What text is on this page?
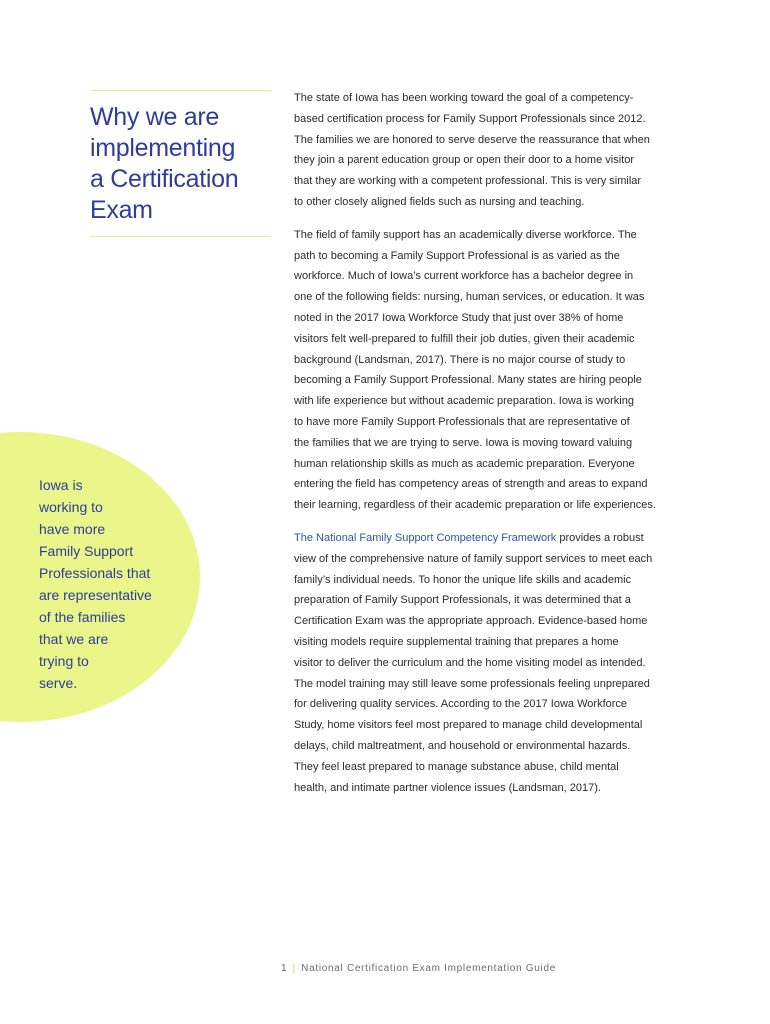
Why we are
implementing
a Certification
Exam

Iowa is
working to
have more
Family Support
Professionals that
are representative
of the families
that we are
trying to
serve.

The state of Iowa has been working toward the goal of a competency-
based certification process for Family Support Professionals since 2012.
The families we are honored to serve deserve the reassurance that when
they join a parent education group or open their door to a home visitor
that they are working with a competent professional. This is very similar
to other closely aligned fields such as nursing and teaching.

The field of family support has an academically diverse workforce. The
path to becoming a Family Support Professional is as varied as the
workforce. Much of Iowa’s current workforce has a bachelor degree in
one of the following fields: nursing, human services, or education. It was
noted in the 2017 Iowa Workforce Study that just over 38% of home
visitors felt well-prepared to fulfill their job duties, given their academic
background (Landsman, 2017). There is no major course of study to
becoming a Family Support Professional. Many states are hiring people
with life experience but without academic preparation. Iowa is working
to have more Family Support Professionals that are representative of
the families that we are trying to serve. Iowa is moving toward valuing
human relationship skills as much as academic preparation. Everyone
entering the field has competency areas of strength and areas to expand
their learning, regardless of their academic preparation or life experiences.

The National Family Support Competency Framework provides a robust
view of the comprehensive nature of family support services to meet each
family’s individual needs. To honor the unique life skills and academic
preparation of Family Support Professionals, it was determined that a
Certification Exam was the appropriate approach. Evidence-based home
visiting models require supplemental training that prepares a home
visitor to deliver the curriculum and the home visiting model as intended.
The model training may still leave some professionals feeling unprepared
for delivering quality services. According to the 2017 Iowa Workforce
Study, home visitors feel most prepared to manage child developmental
delays, child maltreatment, and household or environmental hazards.
They feel least prepared to manage substance abuse, child mental
health, and intimate partner violence issues (Landsman, 2017).

1 | National Certification Exam Implementation Guide
